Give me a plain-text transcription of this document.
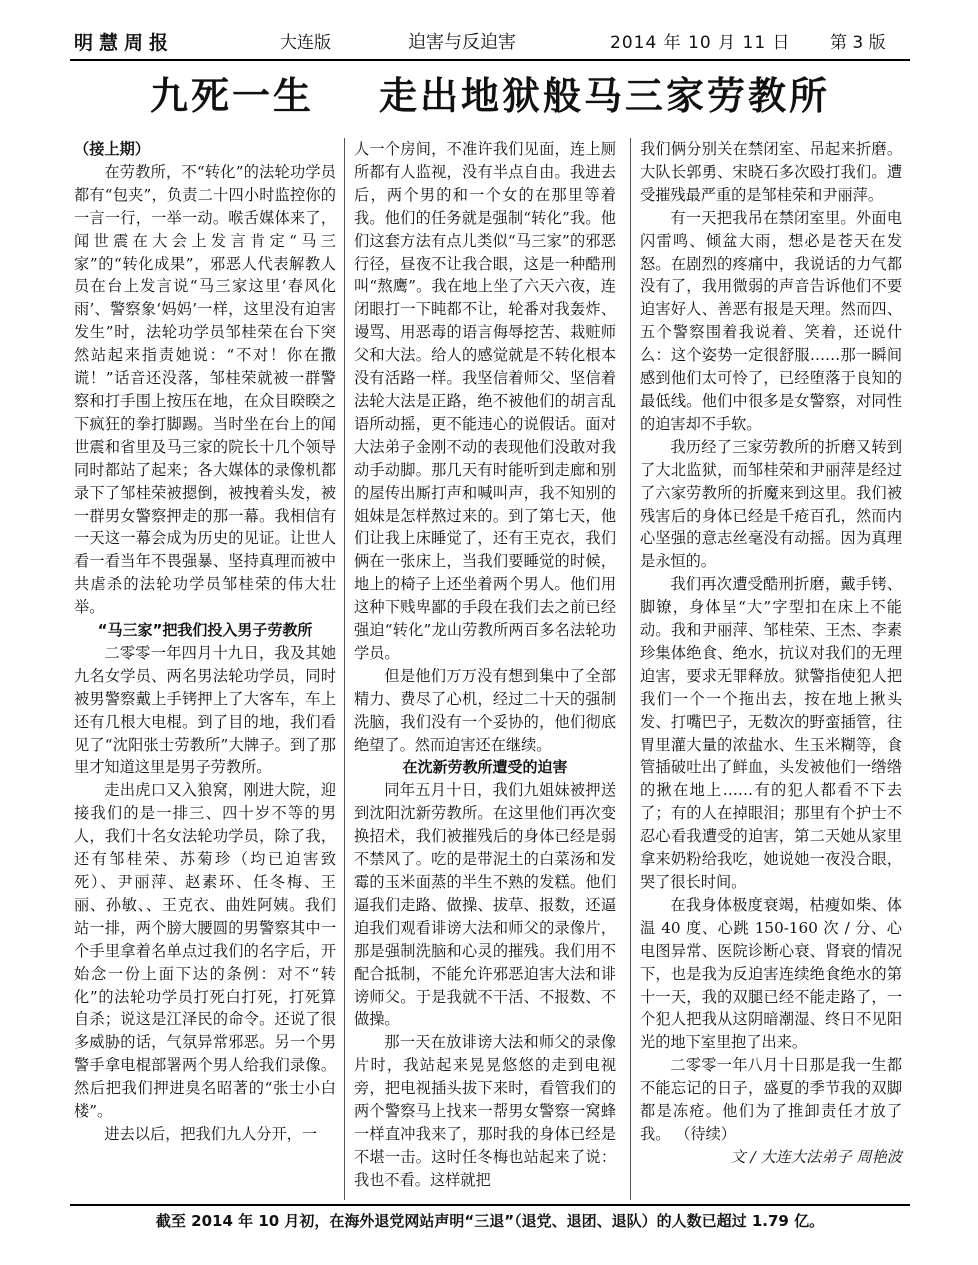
明慧周报	大连版	迫害与反迫害	2014 年 10 月 11 日 第 3 版
九死一生    走出地狱般马三家劳教所

（接上期）

在劳教所，不“转化”的法轮功学员都有“包夹”，负责二十四小时监控你的一言一行，一举一动。喉舌媒体来了，闻世震在大会上发言肯定“马三家”的“转化成果”，邪恶人代表解教人员在台上发言说“马三家这里‘春风化雨’、警察象‘妈妈’一样，这里没有迫害发生”时，法轮功学员邹桂荣在台下突然站起来指责她说：“不对！你在撒谎！”话音还没落，邹桂荣就被一群警察和打手围上按压在地，在众目睽睽之下疯狂的拳打脚踢。当时坐在台上的闻世震和省里及马三家的院长十几个领导同时都站了起来；各大媒体的录像机都录下了邹桂荣被摁倒，被拽着头发，被一群男女警察押走的那一幕。我相信有一天这一幕会成为历史的见证。让世人看一看当年不畏强暴、坚持真理而被中共虐杀的法轮功学员邹桂荣的伟大壮举。

“马三家”把我们投入男子劳教所

二零零一年四月十九日，我及其她九名女学员、两名男法轮功学员，同时被男警察戴上手铐押上了大客车，车上还有几根大电棍。到了目的地，我们看见了“沈阳张士劳教所”大牌子。到了那里才知道这里是男子劳教所。

走出虎口又入狼窝，刚进大院，迎接我们的是一排三、四十岁不等的男人，我们十名女法轮功学员，除了我，还有邹桂荣、苏菊珍（均已迫害致死）、尹丽萍、赵素环、任冬梅、王丽、孙敏、、王克衣、曲姓阿姨。我们站一排，两个膀大腰圆的男警察其中一个手里拿着名单点过我们的名字后，开始念一份上面下达的条例：对不“转化”的法轮功学员打死白打死，打死算自杀；说这是江泽民的命令。还说了很多威胁的话，气氛异常邪恶。另一个男警手拿电棍部署两个男人给我们录像。然后把我们押进臭名昭著的“张士小白楼”。

进去以后，把我们九人分开，一

人一个房间，不准许我们见面，连上厕所都有人监视，没有半点自由。我进去后，两个男的和一个女的在那里等着我。他们的任务就是强制“转化”我。他们这套方法有点儿类似“马三家”的邪恶行径，昼夜不让我合眼，这是一种酷刑叫“熬鹰”。我在地上坐了六天六夜，连闭眼打一下盹都不让，轮番对我轰炸、谩骂、用恶毒的语言侮辱挖苦、栽赃师父和大法。给人的感觉就是不转化根本没有活路一样。我坚信着师父、坚信着法轮大法是正路，绝不被他们的胡言乱语所动摇，更不能违心的说假话。面对大法弟子金刚不动的表现他们没敢对我动手动脚。那几天有时能听到走廊和别的屋传出厮打声和喊叫声，我不知别的姐妹是怎样熬过来的。到了第七天，他们让我上床睡觉了，还有王克衣，我们俩在一张床上，当我们要睡觉的时候，地上的椅子上还坐着两个男人。他们用这种下贱卑鄙的手段在我们去之前已经强迫“转化”龙山劳教所两百多名法轮功学员。

但是他们万万没有想到集中了全部精力、费尽了心机，经过二十天的强制洗脑，我们没有一个妥协的，他们彻底绝望了。然而迫害还在继续。

在沈新劳教所遭受的迫害

同年五月十日，我们九姐妹被押送到沈阳沈新劳教所。在这里他们再次变换招术，我们被摧残后的身体已经是弱不禁风了。吃的是带泥土的白菜汤和发霉的玉米面蒸的半生不熟的发糕。他们逼我们走路、做操、拔草、报数，还逼迫我们观看诽谤大法和师父的录像片，那是强制洗脑和心灵的摧残。我们用不配合抵制，不能允许邪恶迫害大法和诽谤师父。于是我就不干活、不报数、不做操。

那一天在放诽谤大法和师父的录像片时，我站起来晃晃悠悠的走到电视旁，把电视插头拔下来时，看管我们的两个警察马上找来一帮男女警察一窝蜂一样直冲我来了，那时我的身体已经是不堪一击。这时任冬梅也站起来了说：我也不看。这样就把

我们俩分别关在禁闭室、吊起来折磨。大队长郭勇、宋晓石多次殴打我们。遭受摧残最严重的是邹桂荣和尹丽萍。

有一天把我吊在禁闭室里。外面电闪雷鸣、倾盆大雨，想必是苍天在发怒。在剧烈的疼痛中，我说话的力气都没有了，我用微弱的声音告诉他们不要迫害好人、善恶有报是天理。然而四、五个警察围着我说着、笑着，还说什么：这个姿势一定很舒服……那一瞬间感到他们太可怜了，已经堕落于良知的最低线。他们中很多是女警察，对同性的迫害却不手软。

我历经了三家劳教所的折磨又转到了大北监狱，而邹桂荣和尹丽萍是经过了六家劳教所的折魔来到这里。我们被残害后的身体已经是千疮百孔，然而内心坚强的意志丝毫没有动摇。因为真理是永恒的。

我们再次遭受酷刑折磨，戴手铐、脚镣，身体呈“大”字型扣在床上不能动。我和尹丽萍、邹桂荣、王杰、李素珍集体绝食、绝水，抗议对我们的无理迫害，要求无罪释放。狱警指使犯人把我们一个一个拖出去，按在地上揪头发、打嘴巴子，无数次的野蛮插管，往胃里灌大量的浓盐水、生玉米糊等，食管插破吐出了鲜血，头发被他们一绺绺的揪在地上……有的犯人都看不下去了；有的人在掉眼泪；那里有个护士不忍心看我遭受的迫害，第二天她从家里拿来奶粉给我吃，她说她一夜没合眼，哭了很长时间。

在我身体极度衰竭，枯瘦如柴、体温 40 度、心跳 150-160 次 / 分、心电图异常、医院诊断心衰、肾衰的情况下，也是我为反迫害连续绝食绝水的第十一天，我的双腿已经不能走路了，一个犯人把我从这阴暗潮湿、终日不见阳光的地下室里抱了出来。

二零零一年八月十日那是我一生都不能忘记的日子，盛夏的季节我的双脚都是冻疮。他们为了推卸责任才放了我。 （待续）

文 / 大连大法弟子 周艳波

截至 2014 年 10 月初，在海外退党网站声明“三退”（退党、退团、退队）的人数已超过 1.79 亿。
